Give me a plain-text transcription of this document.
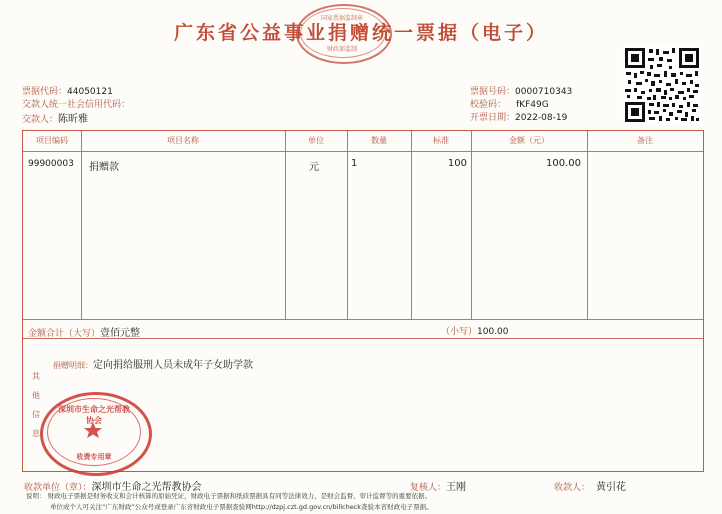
广东省公益事业捐赠统一票据（电子）
国家票据监制章
财政部监制
票据代码：44050121
交款人统一社会信用代码：
交款人：陈昕雅
票据号码：0000710343
校验码： fKF49G
开票日期：2022-08-19
项目编码	项目名称	单位	数量	标准	金额（元）	备注
99900003 捐赠款	元	1	100	100.00
金额合计（大写）壹佰元整	（小写）100.00
其
他
信
息
捐赠明细：定向捐给服刑人员未成年子女助学款
深圳市生命之光帮教协会
收费专用章
收款单位（章）：深圳市生命之光帮教协会	复核人：王刚	收款人： 黄引花
说明： 财政电子票据是财务收支和会计核算的原始凭证，财政电子票据和纸质票据具有同等法律效力，是财会监督、审计监督等的重要依据。
单位或个人可关注“广东财政”公众号或登录广东省财政电子票据查验网http://dzpj.czt.gd.gov.cn/billcheck查验本省财政电子票据。
